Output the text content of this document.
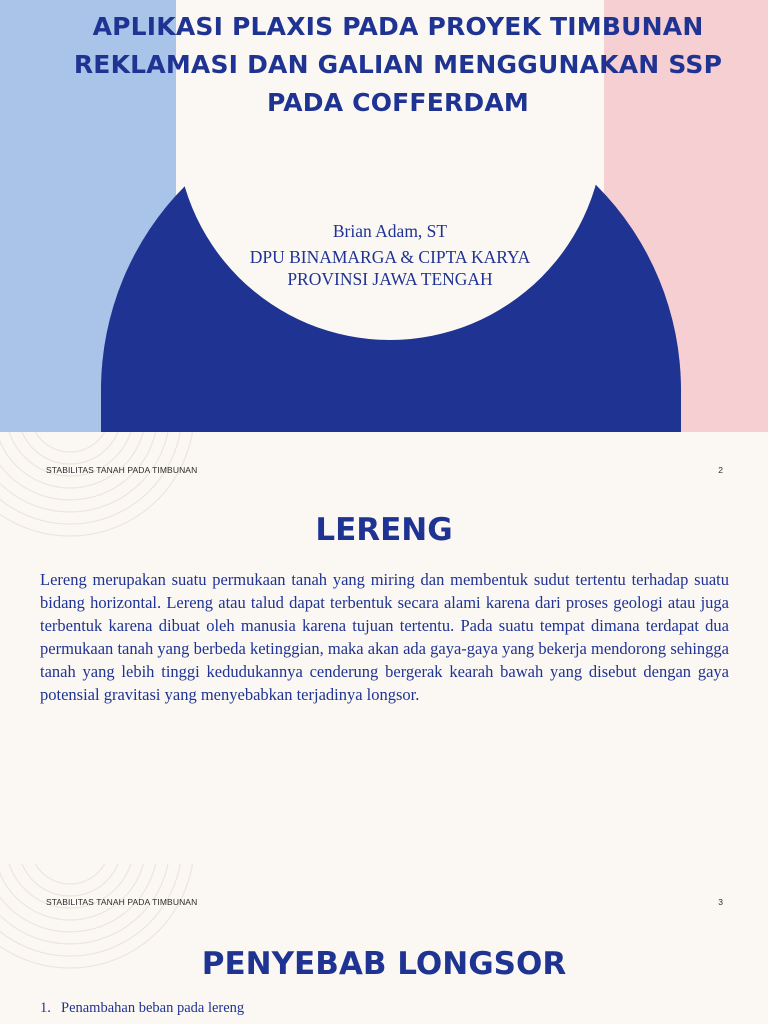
APLIKASI PLAXIS PADA PROYEK TIMBUNAN REKLAMASI DAN GALIAN MENGGUNAKAN SSP PADA COFFERDAM
Brian Adam, ST
DPU BINAMARGA & CIPTA KARYA
PROVINSI JAWA TENGAH
STABILITAS TANAH PADA TIMBUNAN	2
LERENG

Lereng merupakan suatu permukaan tanah yang miring dan membentuk sudut tertentu terhadap suatu bidang horizontal. Lereng atau talud dapat terbentuk secara alami karena dari proses geologi atau juga terbentuk karena dibuat oleh manusia karena tujuan tertentu. Pada suatu tempat dimana terdapat dua permukaan tanah yang berbeda ketinggian, maka akan ada gaya-gaya yang bekerja mendorong sehingga tanah yang lebih tinggi kedudukannya cenderung bergerak kearah bawah yang disebut dengan gaya potensial gravitasi yang menyebabkan terjadinya longsor.

STABILITAS TANAH PADA TIMBUNAN	3
PENYEBAB LONGSOR
1. Penambahan beban pada lereng
